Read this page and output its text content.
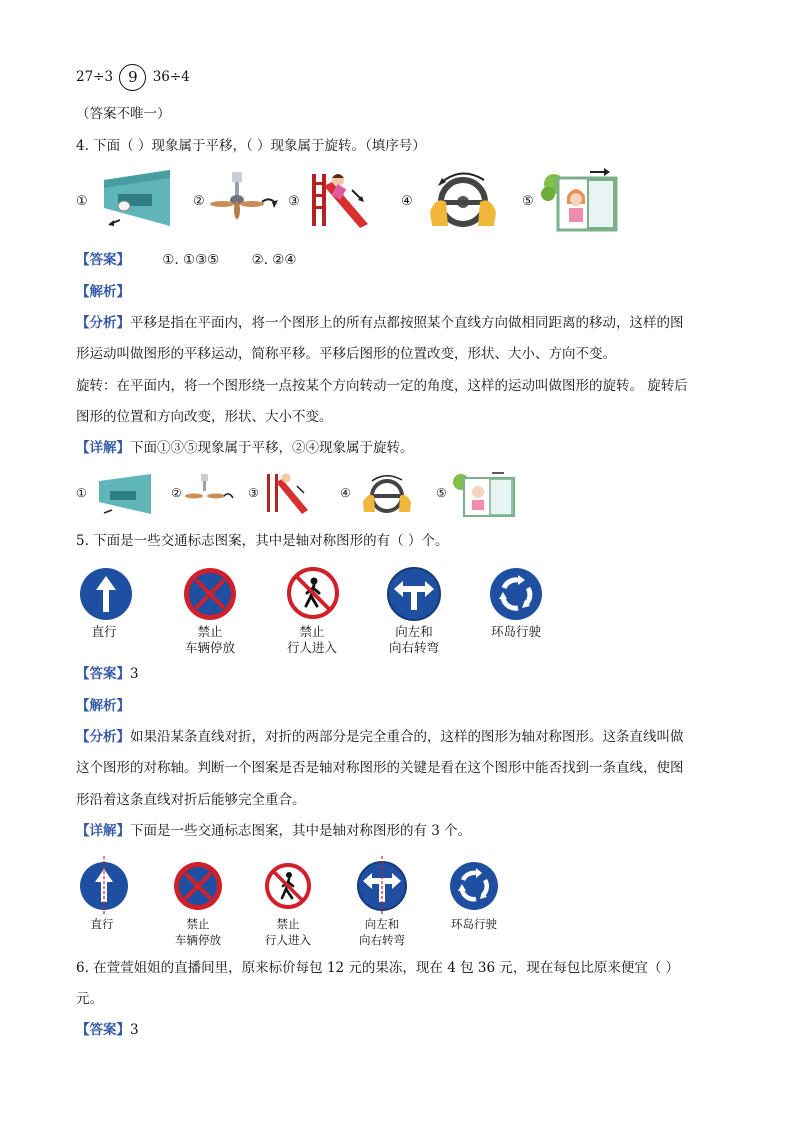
27÷3 9 36÷4
（答案不唯一）
4. 下面（ ）现象属于平移，（ ）现象属于旋转。（填序号）
①	②	③	④	⑤
【答案】 ①. ①③⑤ ②. ②④
【解析】
【分析】平移是指在平面内，将一个图形上的所有点都按照某个直线方向做相同距离的移动，这样的图
形运动叫做图形的平移运动，简称平移。平移后图形的位置改变，形状、大小、方向不变。
旋转：在平面内，将一个图形绕一点按某个方向转动一定的角度，这样的运动叫做图形的旋转。 旋转后
图形的位置和方向改变，形状、大小不变。
【详解】下面①③⑤现象属于平移，②④现象属于旋转。
①	②	③	④	⑤
5. 下面是一些交通标志图案，其中是轴对称图形的有（ ）个。
直行	禁止
车辆停放
禁止
行人进入
向左和
向右转弯
环岛行驶
【答案】3
【解析】
【分析】如果沿某条直线对折，对折的两部分是完全重合的，这样的图形为轴对称图形。这条直线叫做
这个图形的对称轴。判断一个图案是否是轴对称图形的关键是看在这个图形中能否找到一条直线，使图
形沿着这条直线对折后能够完全重合。
【详解】下面是一些交通标志图案，其中是轴对称图形的有 3 个。
直行	禁止
车辆停放
禁止
行人进入
向左和
向右转弯
环岛行驶
6. 在萱萱姐姐的直播间里，原来标价每包 12 元的果冻，现在 4 包 36 元，现在每包比原来便宜（ ）
元。
【答案】3
